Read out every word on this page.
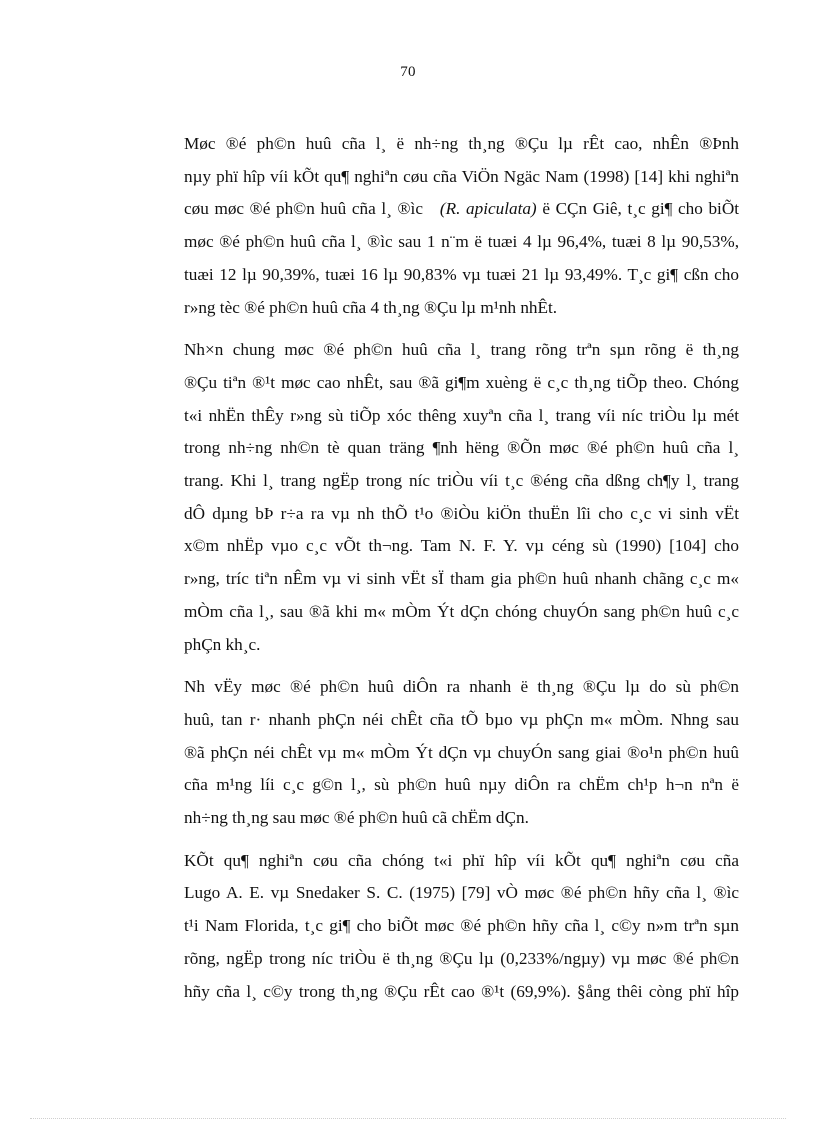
70

Møc ®é ph©n huû cña l¸ ë nh÷ng th¸ng ®Çu lµ rÊt cao, nhÊn ®Þnh
nµy phï hîp víi kÕt qu¶ nghiªn cøu cña ViÖn Ngäc Nam (1998) [14] khi nghiªn
cøu møc ®é ph©n huû cña l¸ ®ìc (R. apiculata) ë CÇn Giê, t¸c gi¶ cho biÕt
møc ®é ph©n huû cña l¸ ®ìc sau 1 n¨m ë tuæi 4 lµ 96,4%, tuæi 8 lµ 90,53%,
tuæi 12 lµ 90,39%, tuæi 16 lµ 90,83% vµ tuæi 21 lµ 93,49%. T¸c gi¶ cßn cho
r»ng tèc ®é ph©n huû cña 4 th¸ng ®Çu lµ m¹nh nhÊt.

Nh×n chung møc ®é ph©n huû cña l¸ trang rõng trªn sµn rõng ë th¸ng
®Çu tiªn ®¹t møc cao nhÊt, sau ®ã gi¶m xuèng ë c¸c th¸ng tiÕp theo. Chóng
t«i nhËn thÊy r»ng sù tiÕp xóc thêng xuyªn cña l¸ trang víi níc triÒu lµ mét
trong nh÷ng nh©n tè quan träng ¶nh hëng ®Õn møc ®é ph©n huû cña l¸
trang. Khi l¸ trang ngËp trong níc triÒu víi t¸c ®éng cña dßng ch¶y l¸ trang
dÔ dµng bÞ r÷a ra vµ nh thÕ t¹o ®iÒu kiÖn thuËn lîi cho c¸c vi sinh vËt
x©m nhËp vµo c¸c vÕt th¬ng. Tam N. F. Y. vµ céng sù (1990) [104] cho
r»ng, tríc tiªn nÊm vµ vi sinh vËt sÏ tham gia ph©n huû nhanh chãng c¸c m«
mÒm cña l¸, sau ®ã khi m« mÒm Ýt dÇn chóng chuyÓn sang ph©n huû c¸c
phÇn kh¸c.

Nh vËy møc ®é ph©n huû diÔn ra nhanh ë th¸ng ®Çu lµ do sù ph©n
huû, tan r· nhanh phÇn néi chÊt cña tÕ bµo vµ phÇn m« mÒm. Nhng sau
®ã phÇn néi chÊt vµ m« mÒm Ýt dÇn vµ chuyÓn sang giai ®o¹n ph©n huû
cña m¹ng líi c¸c g©n l¸, sù ph©n huû nµy diÔn ra chËm ch¹p h¬n nªn ë
nh÷ng th¸ng sau møc ®é ph©n huû cã chËm dÇn.

KÕt qu¶ nghiªn cøu cña chóng t«i phï hîp víi kÕt qu¶ nghiªn cøu cña
Lugo A. E. vµ Snedaker S. C. (1975) [79] vÒ møc ®é ph©n hñy cña l¸ ®ìc
t¹i Nam Florida, t¸c gi¶ cho biÕt møc ®é ph©n hñy cña l¸ c©y n»m trªn sµn
rõng, ngËp trong níc triÒu ë th¸ng ®Çu lµ (0,233%/ngµy) vµ møc ®é ph©n
hñy cña l¸ c©y trong th¸ng ®Çu rÊt cao ®¹t (69,9%). §ång thêi còng phï hîp
